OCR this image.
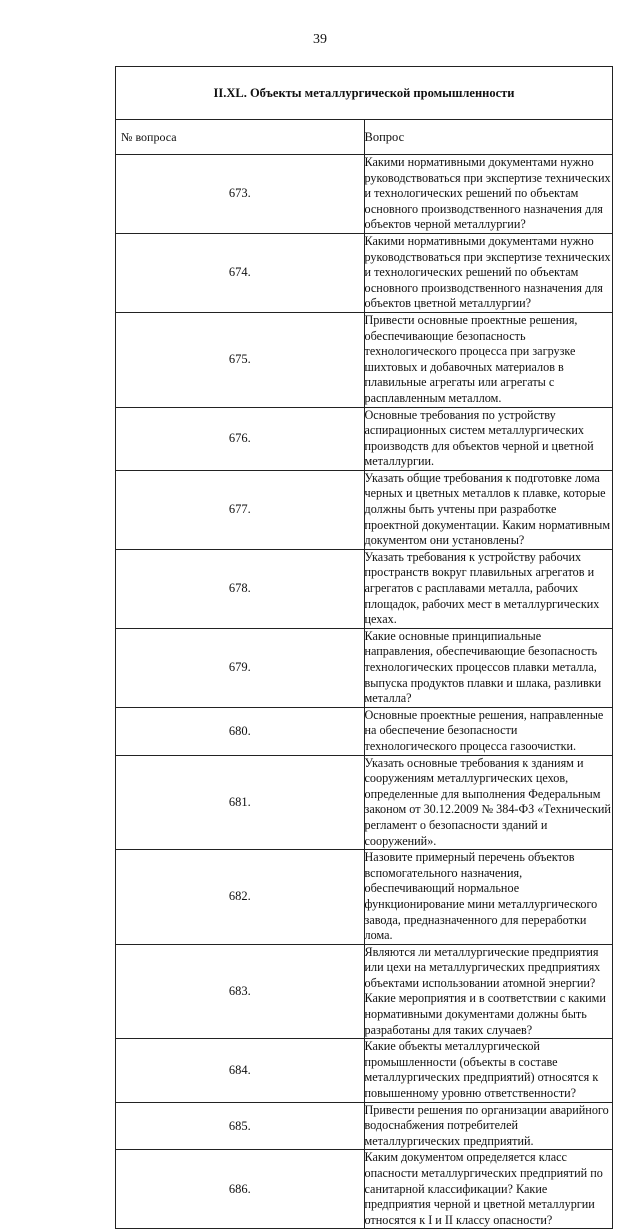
39
II.XL. Объекты металлургической промышленности	
№ вопроса	Вопрос
673.	Какими нормативными документами нужно руководствоваться при экспертизе технических и технологических решений по объектам основного производственного назначения для объектов черной металлургии?
674.	Какими нормативными документами нужно руководствоваться при экспертизе технических и технологических решений по объектам основного производственного назначения для объектов цветной металлургии?
675.	Привести основные проектные решения, обеспечивающие безопасность технологического процесса при загрузке шихтовых и добавочных материалов в плавильные агрегаты или агрегаты с расплавленным металлом.
676.	Основные требования по устройству аспирационных систем металлургических производств для объектов черной и цветной металлургии.
677.	Указать общие требования к подготовке лома черных и цветных металлов к плавке, которые должны быть учтены при разработке проектной документации. Каким нормативным документом они установлены?
678.	Указать требования к устройству рабочих пространств вокруг плавильных агрегатов и агрегатов с расплавами металла, рабочих площадок, рабочих мест в металлургических цехах.
679.	Какие основные принципиальные направления, обеспечивающие безопасность технологических процессов плавки металла, выпуска продуктов плавки и шлака, разливки металла?
680.	Основные проектные решения, направленные на обеспечение безопасности технологического процесса газоочистки.
681.	Указать основные требования к зданиям и сооружениям металлургических цехов, определенные для выполнения Федеральным законом от 30.12.2009 № 384-ФЗ «Технический регламент о безопасности зданий и сооружений».
682.	Назовите примерный перечень объектов вспомогательного назначения, обеспечивающий нормальное функционирование мини металлургического завода, предназначенного для переработки лома.
683.	Являются ли металлургические предприятия или цехи на металлургических предприятиях объектами использовании атомной энергии? Какие мероприятия и в соответствии с какими нормативными документами должны быть разработаны для таких случаев?
684.	Какие объекты металлургической промышленности (объекты в составе металлургических предприятий) относятся к повышенному уровню ответственности?
685.	Привести решения по организации аварийного водоснабжения потребителей металлургических предприятий.
686.	Каким документом определяется класс опасности металлургических предприятий по санитарной классификации? Какие предприятия черной и цветной металлургии относятся к I и II классу опасности?
